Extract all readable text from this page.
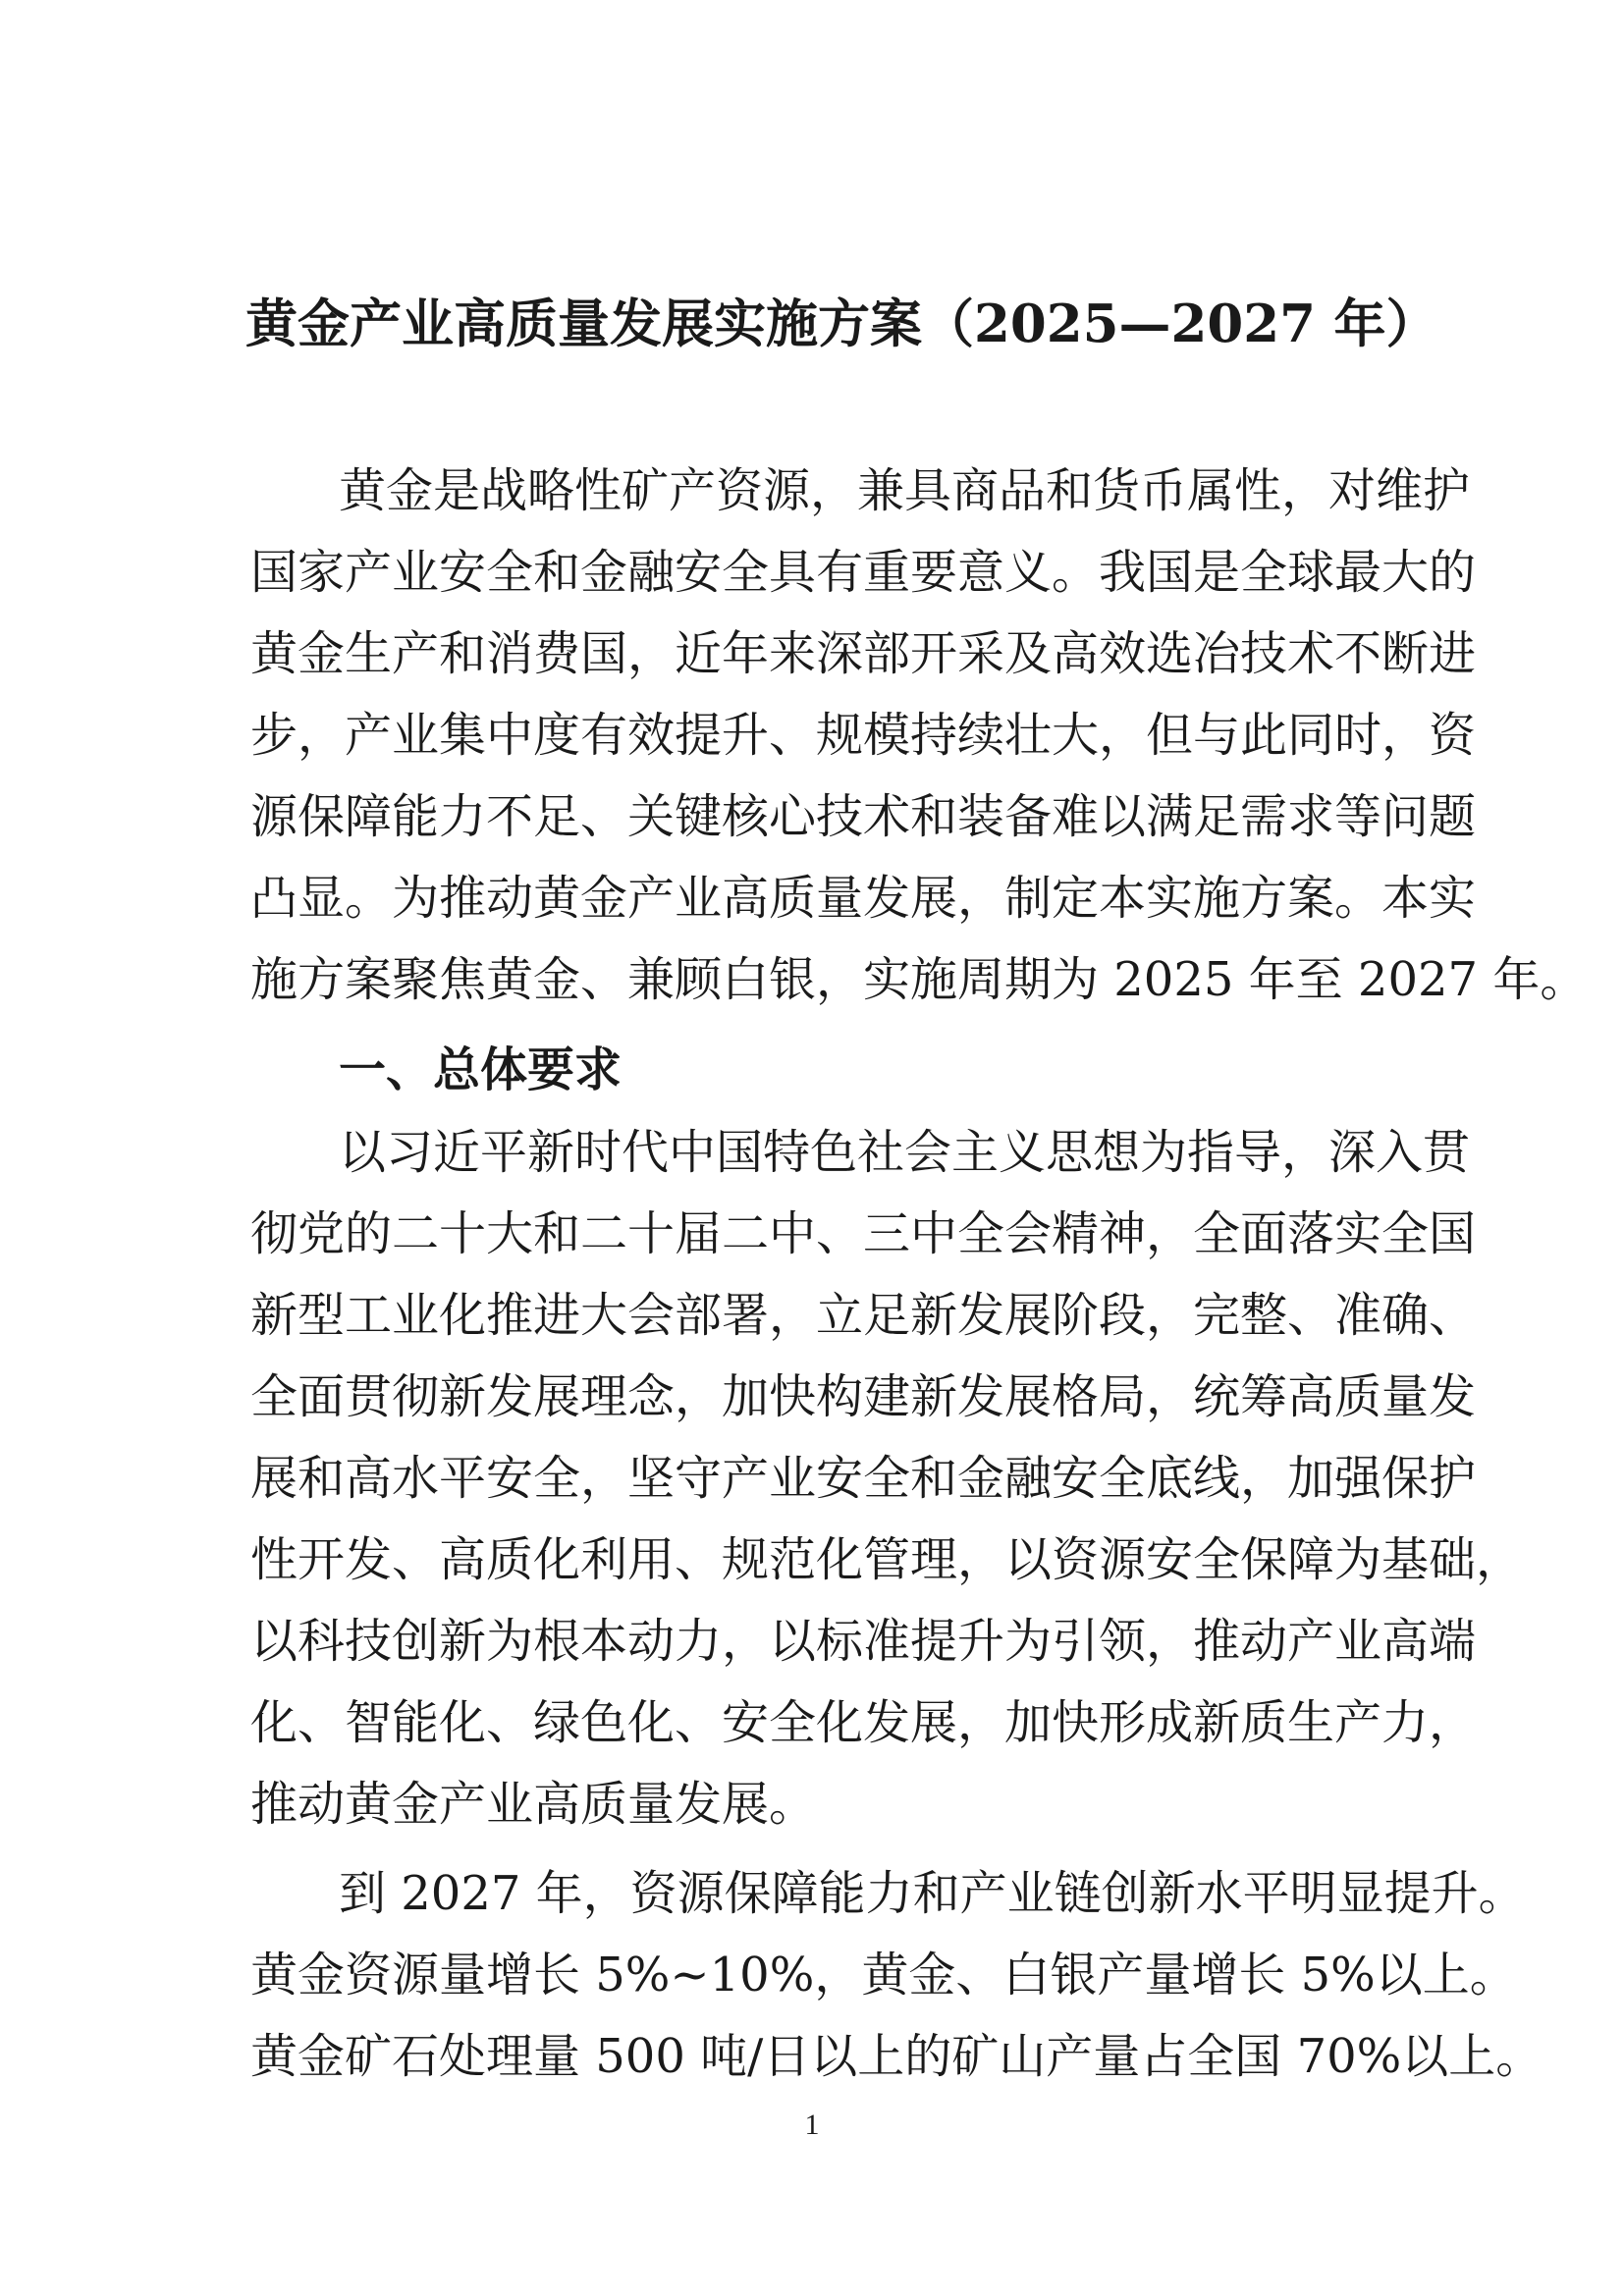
黄金产业高质量发展实施方案（2025—2027 年）
黄金是战略性矿产资源，兼具商品和货币属性，对维护
国家产业安全和金融安全具有重要意义。我国是全球最大的
黄金生产和消费国，近年来深部开采及高效选冶技术不断进
步，产业集中度有效提升、规模持续壮大，但与此同时，资
源保障能力不足、关键核心技术和装备难以满足需求等问题
凸显。为推动黄金产业高质量发展，制定本实施方案。本实
施方案聚焦黄金、兼顾白银，实施周期为 2025 年至 2027 年。
一、总体要求
以习近平新时代中国特色社会主义思想为指导，深入贯
彻党的二十大和二十届二中、三中全会精神，全面落实全国
新型工业化推进大会部署，立足新发展阶段，完整、准确、
全面贯彻新发展理念，加快构建新发展格局，统筹高质量发
展和高水平安全，坚守产业安全和金融安全底线，加强保护
性开发、高质化利用、规范化管理，以资源安全保障为基础，
以科技创新为根本动力，以标准提升为引领，推动产业高端
化、智能化、绿色化、安全化发展，加快形成新质生产力，
推动黄金产业高质量发展。
到 2027 年，资源保障能力和产业链创新水平明显提升。
黄金资源量增长 5%~10%，黄金、白银产量增长 5%以上。
黄金矿石处理量 500 吨/日以上的矿山产量占全国 70%以上。
1
